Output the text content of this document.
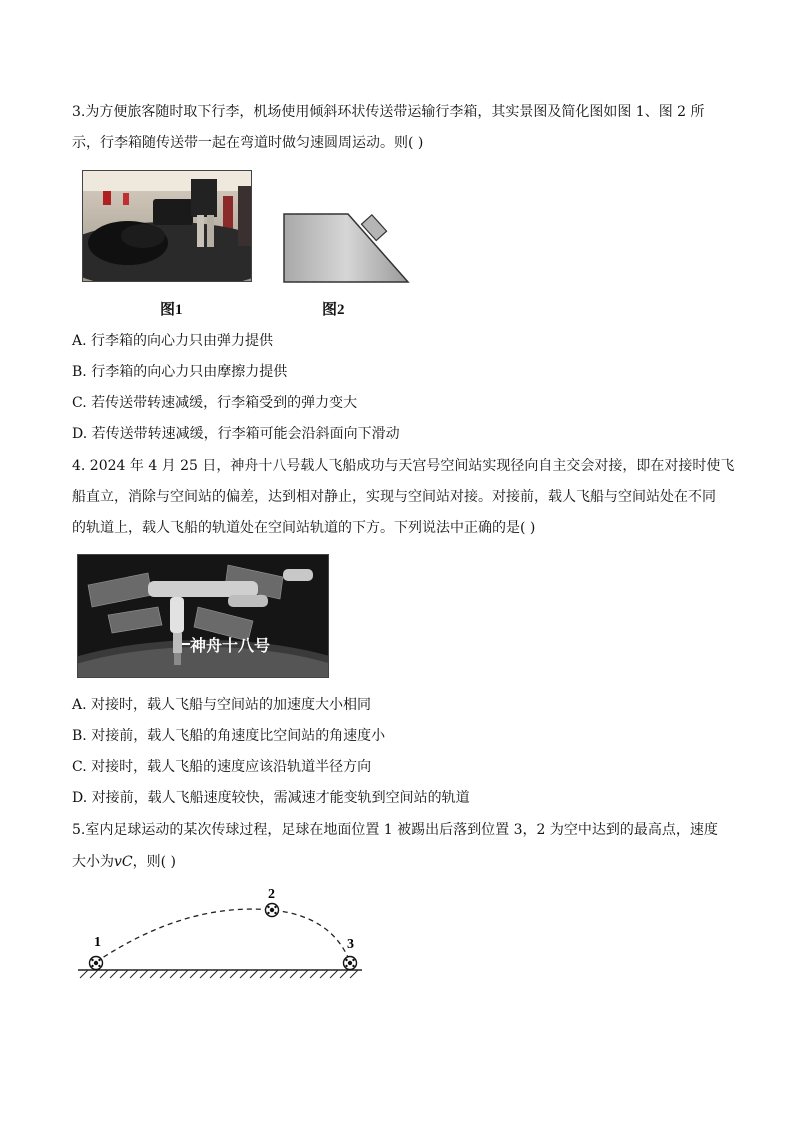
3.为方便旅客随时取下行李，机场使用倾斜环状传送带运输行李箱，其实景图及简化图如图 1、图 2 所
示，行李箱随传送带一起在弯道时做匀速圆周运动。则( )
图1	图2
A. 行李箱的向心力只由弹力提供
B. 行李箱的向心力只由摩擦力提供
C. 若传送带转速减缓，行李箱受到的弹力变大
D. 若传送带转速减缓，行李箱可能会沿斜面向下滑动
4. 2024 年 4 月 25 日，神舟十八号载人飞船成功与天宫号空间站实现径向自主交会对接，即在对接时使飞
船直立，消除与空间站的偏差，达到相对静止，实现与空间站对接。对接前，载人飞船与空间站处在不同
的轨道上，载人飞船的轨道处在空间站轨道的下方。下列说法中正确的是( )
神舟十八号
A. 对接时，载人飞船与空间站的加速度大小相同
B. 对接前，载人飞船的角速度比空间站的角速度小
C. 对接时，载人飞船的速度应该沿轨道半径方向
D. 对接前，载人飞船速度较快，需减速才能变轨到空间站的轨道
5.室内足球运动的某次传球过程，足球在地面位置 1 被踢出后落到位置 3，2 为空中达到的最高点，速度
大小为𝑣𝐶，则( )
1
2
3
